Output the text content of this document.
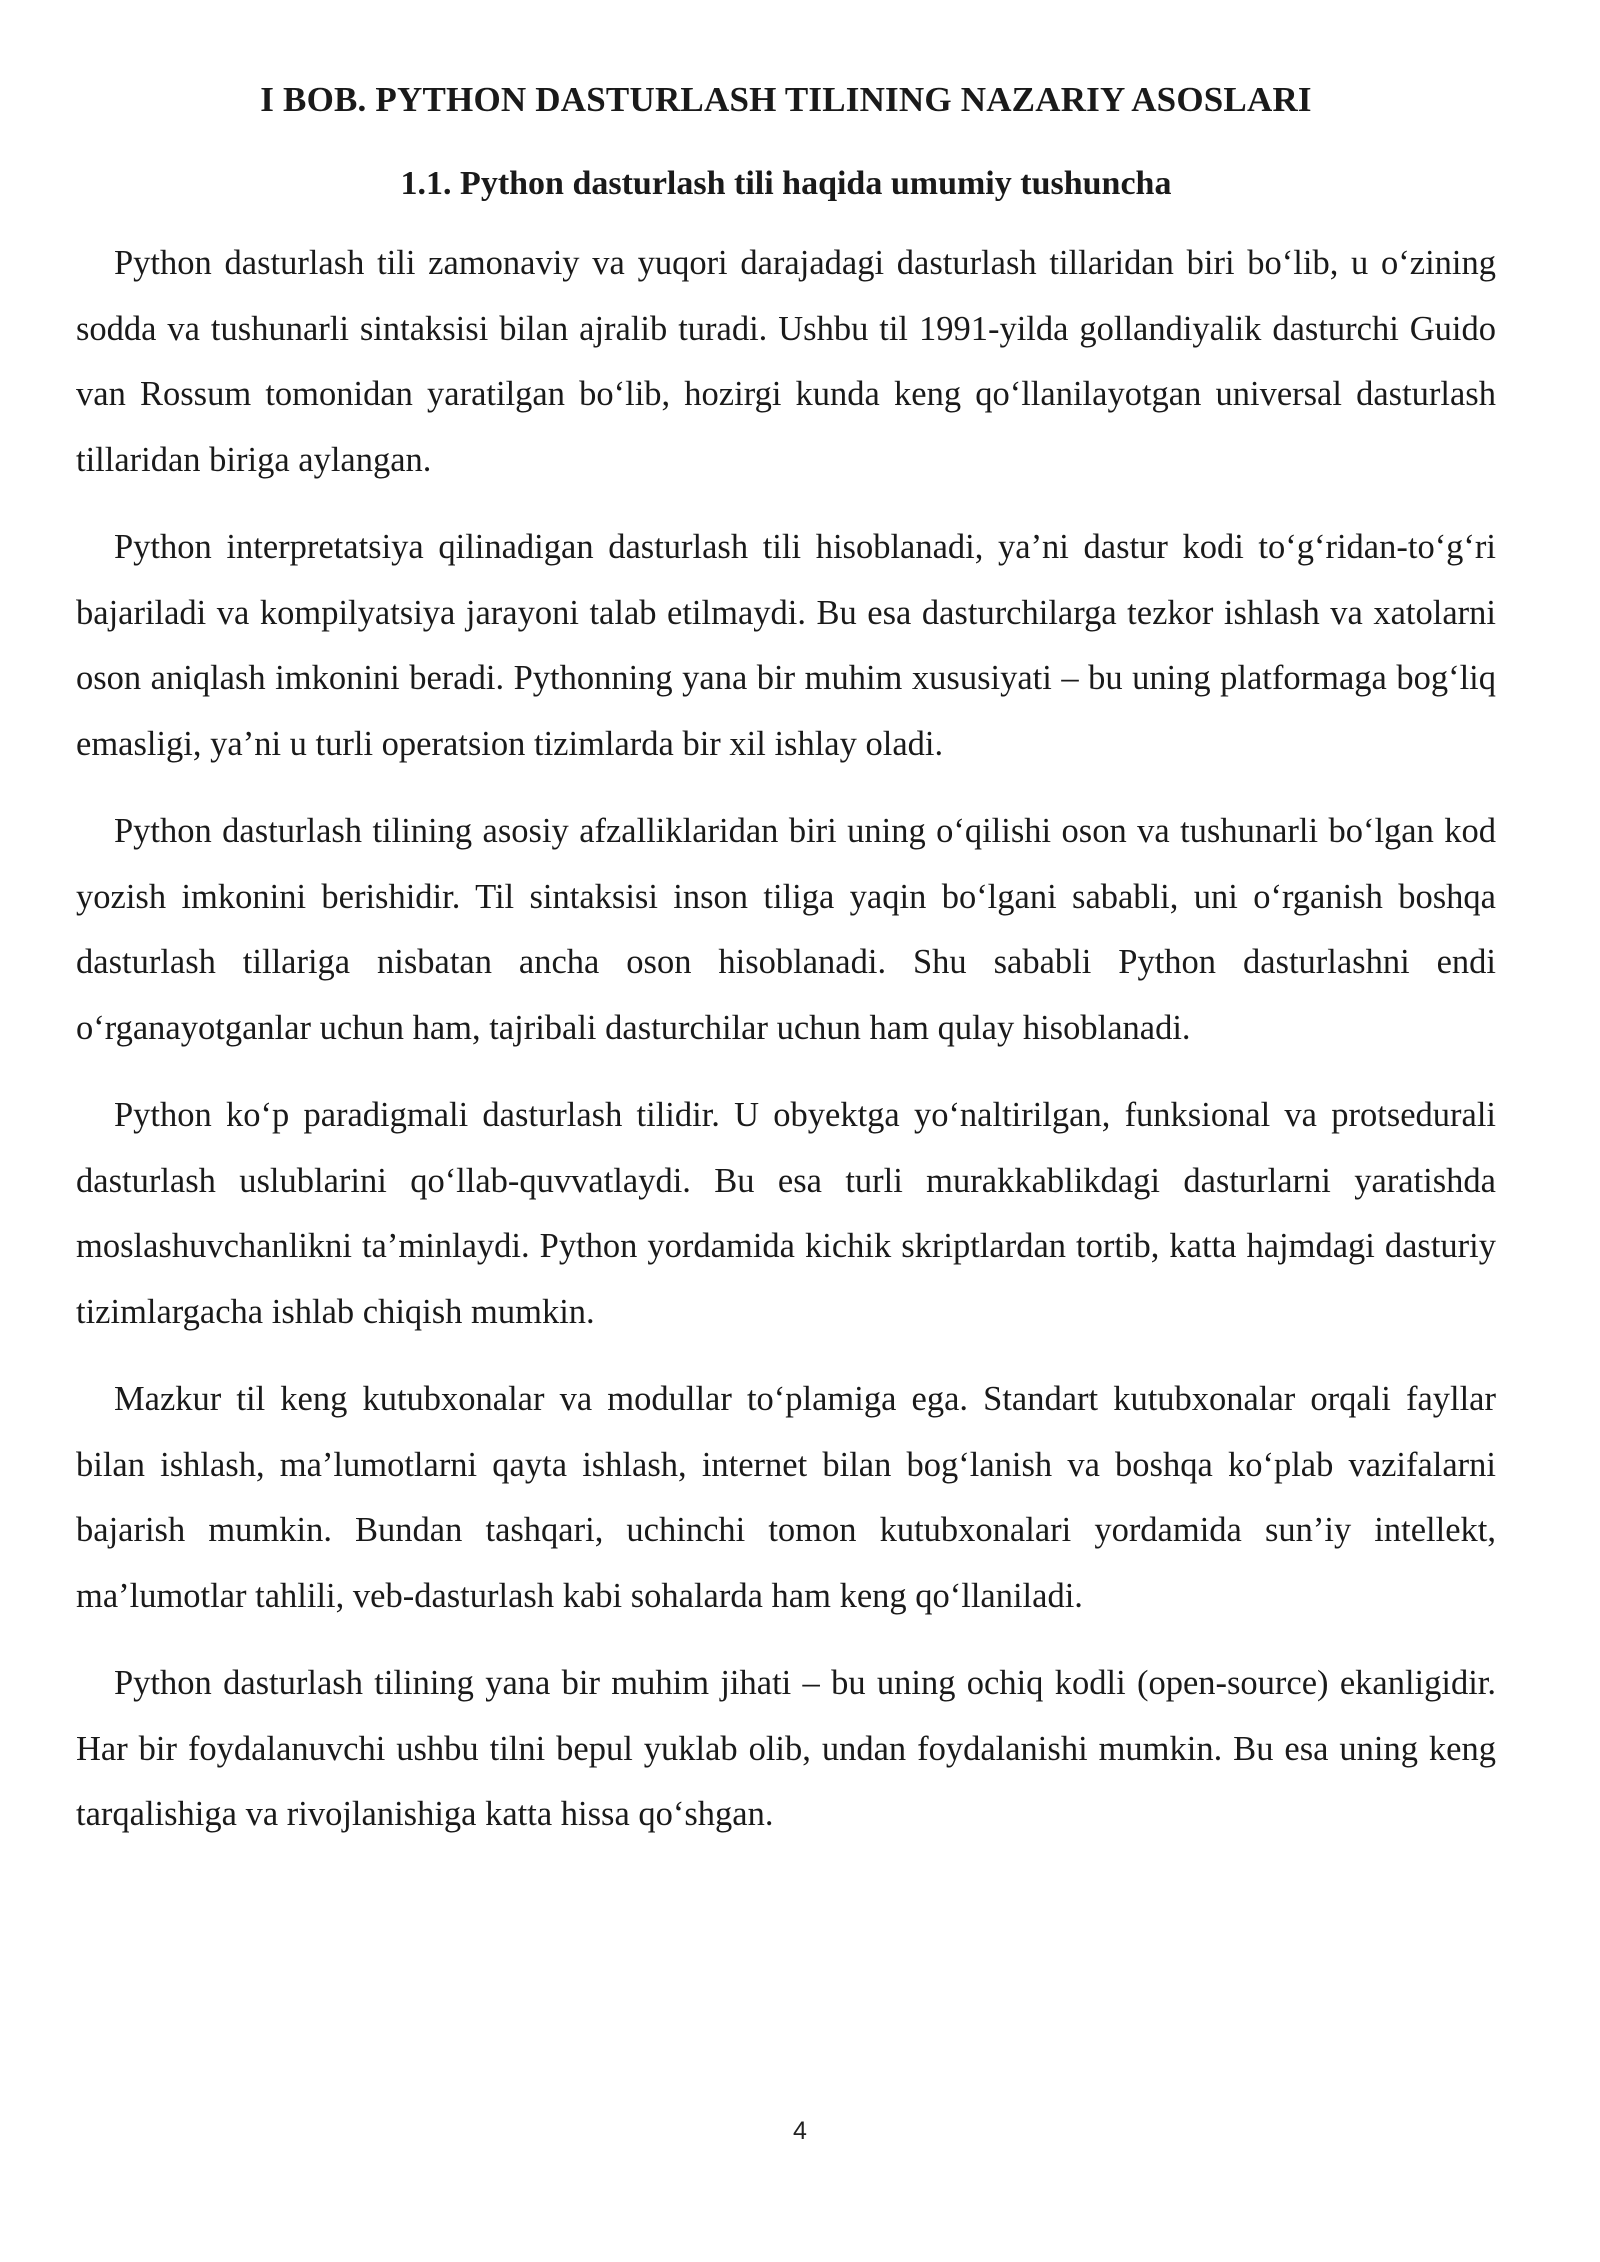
I BOB. PYTHON DASTURLASH TILINING NAZARIY ASOSLARI
1.1. Python dasturlash tili haqida umumiy tushuncha

Python dasturlash tili zamonaviy va yuqori darajadagi dasturlash tillaridan biri bo‘lib, u o‘zining sodda va tushunarli sintaksisi bilan ajralib turadi. Ushbu til 1991-yilda gollandiyalik dasturchi Guido van Rossum tomonidan yaratilgan bo‘lib, hozirgi kunda keng qo‘llanilayotgan universal dasturlash tillaridan biriga aylangan.

Python interpretatsiya qilinadigan dasturlash tili hisoblanadi, ya’ni dastur kodi to‘g‘ridan-to‘g‘ri bajariladi va kompilyatsiya jarayoni talab etilmaydi. Bu esa dasturchilarga tezkor ishlash va xatolarni oson aniqlash imkonini beradi. Pythonning yana bir muhim xususiyati – bu uning platformaga bog‘liq emasligi, ya’ni u turli operatsion tizimlarda bir xil ishlay oladi.

Python dasturlash tilining asosiy afzalliklaridan biri uning o‘qilishi oson va tushunarli bo‘lgan kod yozish imkonini berishidir. Til sintaksisi inson tiliga yaqin bo‘lgani sababli, uni o‘rganish boshqa dasturlash tillariga nisbatan ancha oson hisoblanadi. Shu sababli Python dasturlashni endi o‘rganayotganlar uchun ham, tajribali dasturchilar uchun ham qulay hisoblanadi.

Python ko‘p paradigmali dasturlash tilidir. U obyektga yo‘naltirilgan, funksional va protsedurali dasturlash uslublarini qo‘llab-quvvatlaydi. Bu esa turli murakkablikdagi dasturlarni yaratishda moslashuvchanlikni ta’minlaydi. Python yordamida kichik skriptlardan tortib, katta hajmdagi dasturiy tizimlargacha ishlab chiqish mumkin.

Mazkur til keng kutubxonalar va modullar to‘plamiga ega. Standart kutubxonalar orqali fayllar bilan ishlash, ma’lumotlarni qayta ishlash, internet bilan bog‘lanish va boshqa ko‘plab vazifalarni bajarish mumkin. Bundan tashqari, uchinchi tomon kutubxonalari yordamida sun’iy intellekt, ma’lumotlar tahlili, veb-dasturlash kabi sohalarda ham keng qo‘llaniladi.

Python dasturlash tilining yana bir muhim jihati – bu uning ochiq kodli (open-source) ekanligidir. Har bir foydalanuvchi ushbu tilni bepul yuklab olib, undan foydalanishi mumkin. Bu esa uning keng tarqalishiga va rivojlanishiga katta hissa qo‘shgan.

4
